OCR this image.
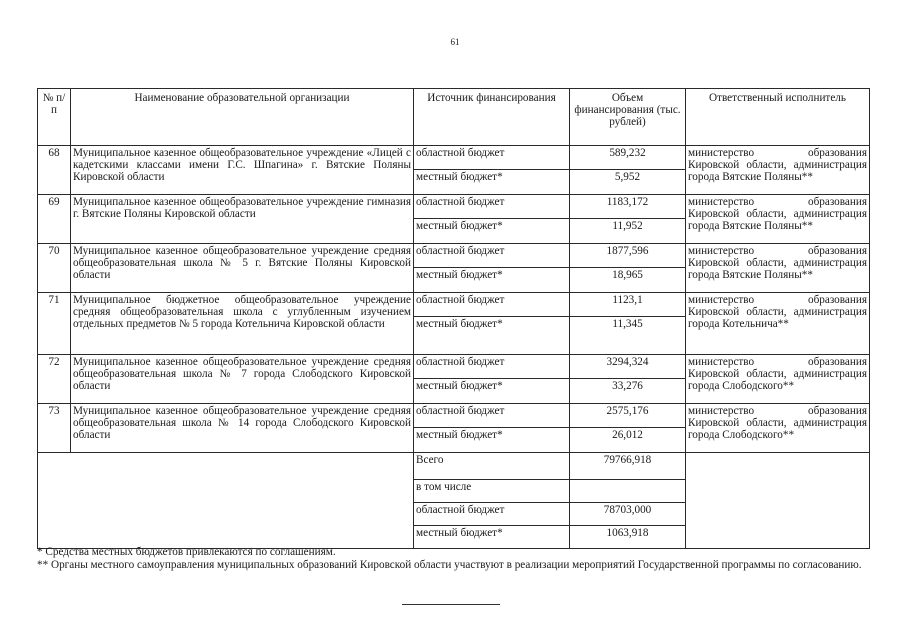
61
№ п/п	Наименование образовательной организации	Источник финансирования	Объем финансирования (тыс. рублей)	Ответственный исполнитель
68	Муниципальное казенное общеобразовательное учреждение «Лицей с кадетскими классами имени Г.С. Шпагина» г. Вятские Поляны Кировской области	областной бюджет	589,232	министерство образования Кировской области, администрация города Вятские Поляны**
		местный бюджет*	5,952	
69	Муниципальное казенное общеобразовательное учреждение гимназия г. Вятские Поляны Кировской области	областной бюджет	1183,172	министерство образования Кировской области, администрация города Вятские Поляны**
		местный бюджет*	11,952	
70	Муниципальное казенное общеобразовательное учреждение средняя общеобразовательная школа № 5 г. Вятские Поляны Кировской области	областной бюджет	1877,596	министерство образования Кировской области, администрация города Вятские Поляны**
		местный бюджет*	18,965	
71	Муниципальное бюджетное общеобразовательное учреждение средняя общеобразовательная школа с углубленным изучением отдельных предметов № 5 города Котельнича Кировской области	областной бюджет	1123,1	министерство образования Кировской области, администрация города Котельнича**
		местный бюджет*	11,345	
72	Муниципальное казенное общеобразовательное учреждение средняя общеобразовательная школа № 7 города Слободского Кировской области	областной бюджет	3294,324	министерство образования Кировской области, администрация города Слободского**
		местный бюджет*	33,276	
73	Муниципальное казенное общеобразовательное учреждение средняя общеобразовательная школа № 14 города Слободского Кировской области	областной бюджет	2575,176	министерство образования Кировской области, администрация города Слободского**
		местный бюджет*	26,012	
		Всего	79766,918	
		в том числе		
		областной бюджет	78703,000	
		местный бюджет*	1063,918	

* Средства местных бюджетов привлекаются по соглашениям.

** Органы местного самоуправления муниципальных образований Кировской области участвуют в реализации мероприятий Государственной программы по согласованию.
